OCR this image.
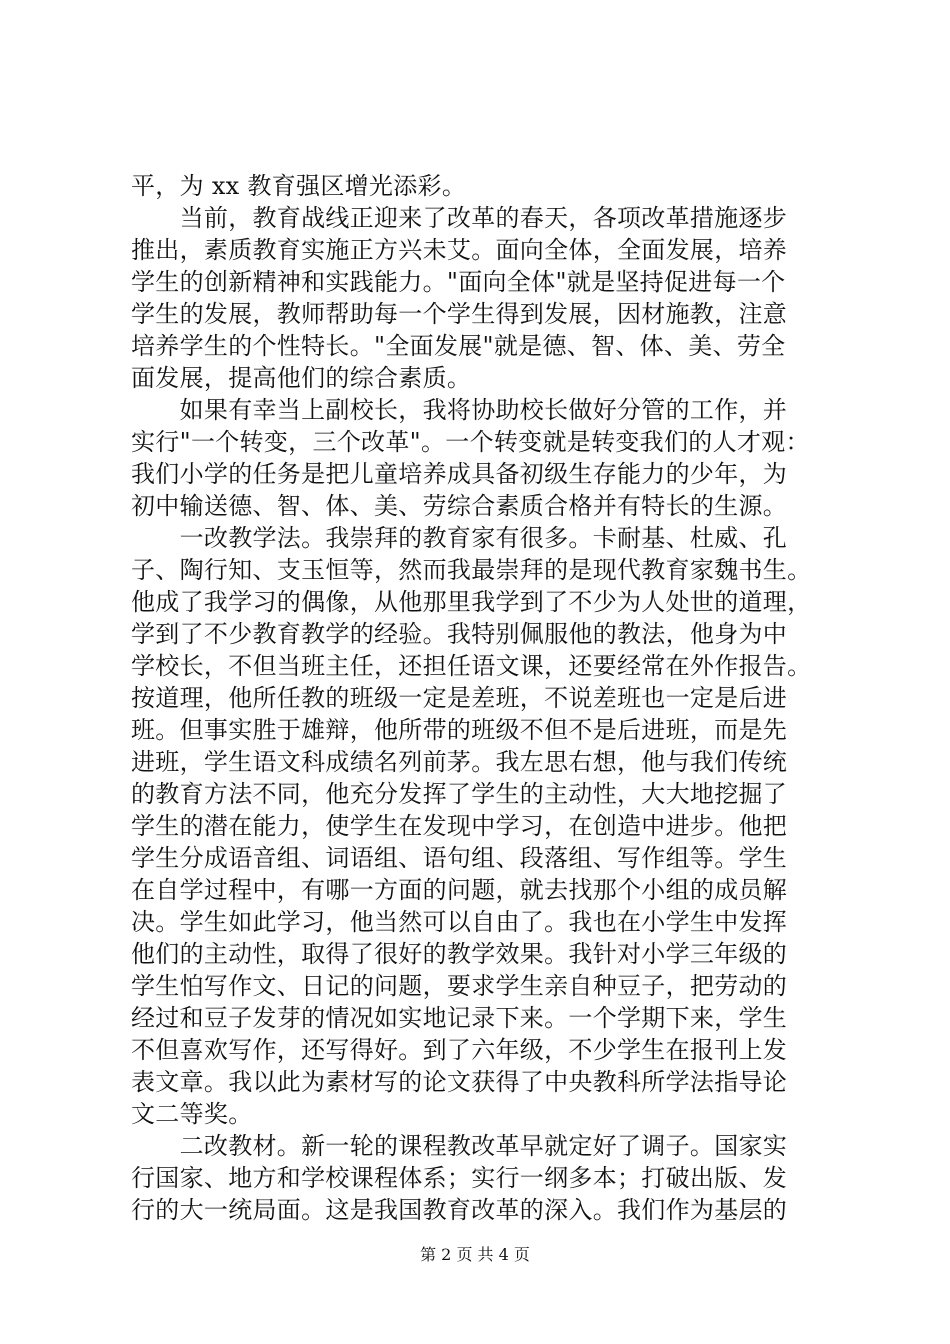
平，为 xx 教育强区增光添彩。
　　当前，教育战线正迎来了改革的春天，各项改革措施逐步
推出，素质教育实施正方兴未艾。面向全体，全面发展，培养
学生的创新精神和实践能力。"面向全体"就是坚持促进每一个
学生的发展，教师帮助每一个学生得到发展，因材施教，注意
培养学生的个性特长。"全面发展"就是德、智、体、美、劳全
面发展，提高他们的综合素质。
　　如果有幸当上副校长，我将协助校长做好分管的工作，并
实行"一个转变，三个改革"。一个转变就是转变我们的人才观：
我们小学的任务是把儿童培养成具备初级生存能力的少年，为
初中输送德、智、体、美、劳综合素质合格并有特长的生源。
　　一改教学法。我崇拜的教育家有很多。卡耐基、杜威、孔
子、陶行知、支玉恒等，然而我最崇拜的是现代教育家魏书生。
他成了我学习的偶像，从他那里我学到了不少为人处世的道理，
学到了不少教育教学的经验。我特别佩服他的教法，他身为中
学校长，不但当班主任，还担任语文课，还要经常在外作报告。
按道理，他所任教的班级一定是差班，不说差班也一定是后进
班。但事实胜于雄辩，他所带的班级不但不是后进班，而是先
进班，学生语文科成绩名列前茅。我左思右想，他与我们传统
的教育方法不同，他充分发挥了学生的主动性，大大地挖掘了
学生的潜在能力，使学生在发现中学习，在创造中进步。他把
学生分成语音组、词语组、语句组、段落组、写作组等。学生
在自学过程中，有哪一方面的问题，就去找那个小组的成员解
决。学生如此学习，他当然可以自由了。我也在小学生中发挥
他们的主动性，取得了很好的教学效果。我针对小学三年级的
学生怕写作文、日记的问题，要求学生亲自种豆子，把劳动的
经过和豆子发芽的情况如实地记录下来。一个学期下来，学生
不但喜欢写作，还写得好。到了六年级，不少学生在报刊上发
表文章。我以此为素材写的论文获得了中央教科所学法指导论
文二等奖。
　　二改教材。新一轮的课程教改革早就定好了调子。国家实
行国家、地方和学校课程体系；实行一纲多本；打破出版、发
行的大一统局面。这是我国教育改革的深入。我们作为基层的
第 2 页 共 4 页
